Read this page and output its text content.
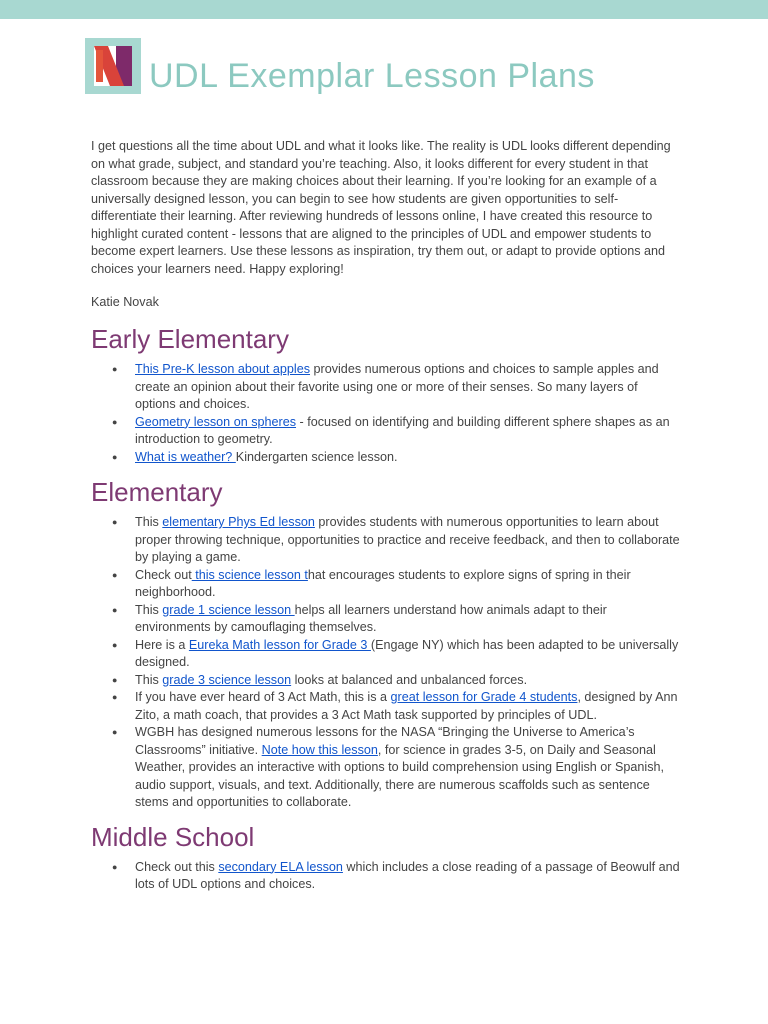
UDL Exemplar Lesson Plans

I get questions all the time about UDL and what it looks like. The reality is UDL looks different depending on what grade, subject, and standard you’re teaching. Also, it looks different for every student in that classroom because they are making choices about their learning. If you’re looking for an example of a universally designed lesson, you can begin to see how students are given opportunities to self-differentiate their learning. After reviewing hundreds of lessons online, I have created this resource to highlight curated content - lessons that are aligned to the principles of UDL and empower students to become expert learners. Use these lessons as inspiration, try them out, or adapt to provide options and choices your learners need. Happy exploring!

Katie Novak

Early Elementary
● This Pre-K lesson about apples provides numerous options and choices to sample apples and create an opinion about their favorite using one or more of their senses. So many layers of options and choices.
● Geometry lesson on spheres - focused on identifying and building different sphere shapes as an introduction to geometry.
● What is weather? Kindergarten science lesson.
Elementary
● This elementary Phys Ed lesson provides students with numerous opportunities to learn about proper throwing technique, opportunities to practice and receive feedback, and then to collaborate by playing a game.
● Check out this science lesson that encourages students to explore signs of spring in their neighborhood.
● This grade 1 science lesson helps all learners understand how animals adapt to their environments by camouflaging themselves.
● Here is a Eureka Math lesson for Grade 3 (Engage NY) which has been adapted to be universally designed.
● This grade 3 science lesson looks at balanced and unbalanced forces.
● If you have ever heard of 3 Act Math, this is a great lesson for Grade 4 students, designed by Ann Zito, a math coach, that provides a 3 Act Math task supported by principles of UDL.
● WGBH has designed numerous lessons for the NASA “Bringing the Universe to America’s Classrooms” initiative. Note how this lesson, for science in grades 3-5, on Daily and Seasonal Weather, provides an interactive with options to build comprehension using English or Spanish, audio support, visuals, and text. Additionally, there are numerous scaffolds such as sentence stems and opportunities to collaborate.
Middle School
● Check out this secondary ELA lesson which includes a close reading of a passage of Beowulf and lots of UDL options and choices.
